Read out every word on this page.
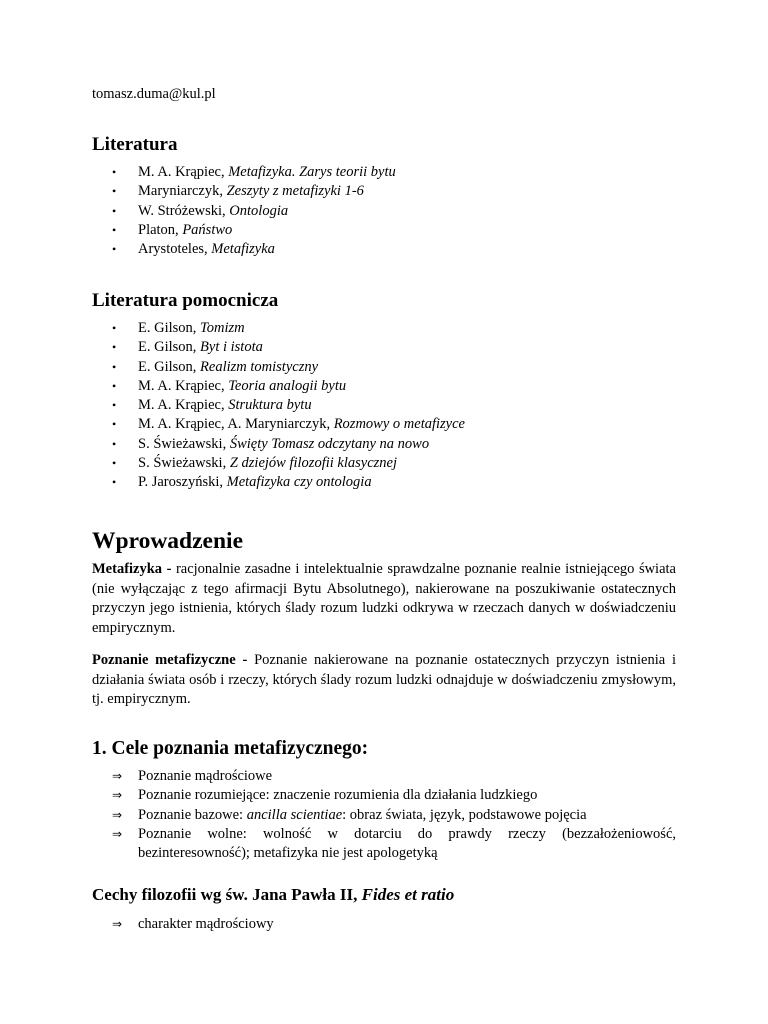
tomasz.duma@kul.pl
Literatura
• M. A. Krąpiec, Metafizyka. Zarys teorii bytu
• Maryniarczyk, Zeszyty z metafizyki 1-6
• W. Stróżewski, Ontologia
• Platon, Państwo
• Arystoteles, Metafizyka
Literatura pomocnicza
• E. Gilson, Tomizm
• E. Gilson, Byt i istota
• E. Gilson, Realizm tomistyczny
• M. A. Krąpiec, Teoria analogii bytu
• M. A. Krąpiec, Struktura bytu
• M. A. Krąpiec, A. Maryniarczyk, Rozmowy o metafizyce
• S. Świeżawski, Święty Tomasz odczytany na nowo
• S. Świeżawski, Z dziejów filozofii klasycznej
• P. Jaroszyński, Metafizyka czy ontologia
Wprowadzenie
Metafizyka - racjonalnie zasadne i intelektualnie sprawdzalne poznanie realnie istniejącego świata (nie wyłączając z tego afirmacji Bytu Absolutnego), nakierowane na poszukiwanie ostatecznych przyczyn jego istnienia, których ślady rozum ludzki odkrywa w rzeczach danych w doświadczeniu empirycznym.
Poznanie metafizyczne - Poznanie nakierowane na poznanie ostatecznych przyczyn istnienia i działania świata osób i rzeczy, których ślady rozum ludzki odnajduje w doświadczeniu zmysłowym, tj. empirycznym.
1. Cele poznania metafizycznego:
⇒ Poznanie mądrościowe
⇒ Poznanie rozumiejące: znaczenie rozumienia dla działania ludzkiego
⇒ Poznanie bazowe: ancilla scientiae: obraz świata, język, podstawowe pojęcia
⇒ Poznanie wolne: wolność w dotarciu do prawdy rzeczy (bezzałożeniowość, bezinteresowność); metafizyka nie jest apologetyką
Cechy filozofii wg św. Jana Pawła II, Fides et ratio
⇒ charakter mądrościowy
